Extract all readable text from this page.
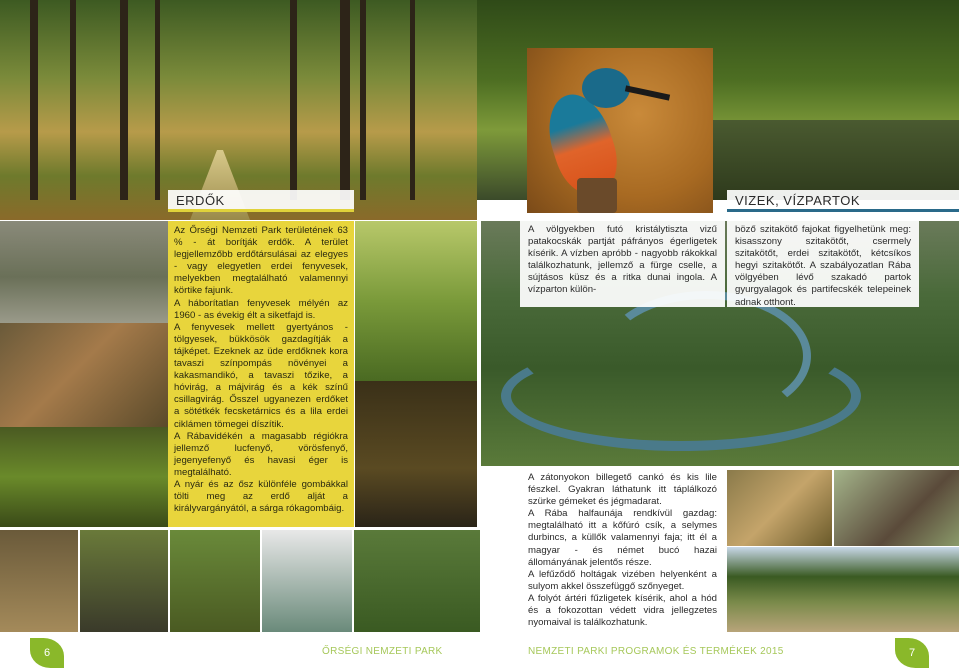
ERDŐK	VIZEK, VÍZPARTOK

Az Őrségi Nemzeti Park területének 63 % - át borítják erdők. A terület legjellemzőbb erdőtársulásai az elegyes - vagy elegyetlen erdei fenyvesek, melyekben megtalálható valamennyi körtike fajunk.

A háborítatlan fenyvesek mélyén az 1960 - as évekig élt a siketfajd is.

A fenyvesek mellett gyertyános - tölgyesek, bükkösök gazdagítják a tájképet. Ezeknek az üde erdőknek kora tavaszi színpompás növényei a kakasmandikó, a tavaszi tőzike, a hóvirág, a májvirág és a kék színű csillagvirág. Ősszel ugyanezen erdőket a sötétkék fecsketárnics és a lila erdei ciklámen tömegei díszítik.

A Rábavidékén a magasabb régiókra jellemző lucfenyő, vörösfenyő, jegenyefenyő és havasi éger is megtalálható.

A nyár és az ősz különféle gombákkal tölti meg az erdő alját a királyvargányától, a sárga rókagombáig.

A völgyekben futó kristálytiszta vizű patakocskák partját páfrányos égerligetek kísérik. A vízben apróbb - nagyobb rákokkal találkozhatunk, jellemző a fürge cselle, a sújtásos küsz és a ritka dunai ingola. A vízparton külön-
böző szitakötő fajokat figyelhetünk meg: kisasszony szitakötőt, csermely szitakötőt, erdei szitakötőt, kétcsíkos hegyi szitakötőt. A szabályozatlan Rába völgyében lévő szakadó partok gyurgyalagok és partifecskék telepeinek adnak otthont.

A zátonyokon billegető cankó és kis lile fészkel. Gyakran láthatunk itt táplálkozó szürke gémeket és jégmadarat.

A Rába halfaunája rendkívül gazdag: megtalálható itt a kőfúró csík, a selymes durbincs, a küllők valamennyi faja; itt él a magyar - és német bucó hazai állományának jelentős része.

A lefűződő holtágak vizében helyenként a sulyom akkel összefüggő szőnyeget.

A folyót ártéri fűzligetek kísérik, ahol a hód és a fokozottan védett vidra jellegzetes nyomaival is találkozhatunk.

6	ŐRSÉGI NEMZETI PARK	NEMZETI PARKI PROGRAMOK ÉS TERMÉKEK 2015	7
